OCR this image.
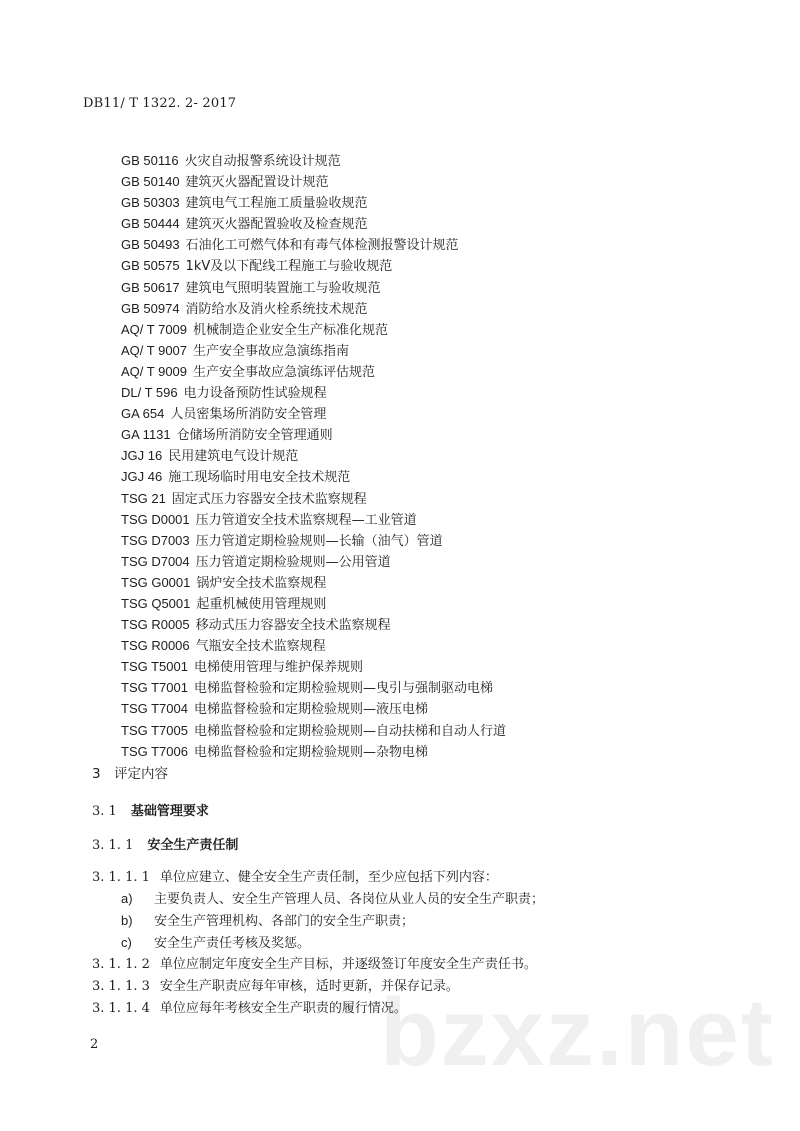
bzxz.net
DB11/ T 1322. 2- 2017
GB 50116 火灾自动报警系统设计规范
GB 50140 建筑灭火器配置设计规范
GB 50303 建筑电气工程施工质量验收规范
GB 50444 建筑灭火器配置验收及检查规范
GB 50493 石油化工可燃气体和有毒气体检测报警设计规范
GB 50575 1kV及以下配线工程施工与验收规范
GB 50617 建筑电气照明装置施工与验收规范
GB 50974 消防给水及消火栓系统技术规范
AQ/ T 7009 机械制造企业安全生产标准化规范
AQ/ T 9007 生产安全事故应急演练指南
AQ/ T 9009 生产安全事故应急演练评估规范
DL/ T 596 电力设备预防性试验规程
GA 654 人员密集场所消防安全管理
GA 1131 仓储场所消防安全管理通则
JGJ 16 民用建筑电气设计规范
JGJ 46 施工现场临时用电安全技术规范
TSG 21 固定式压力容器安全技术监察规程
TSG D0001 压力管道安全技术监察规程—工业管道
TSG D7003 压力管道定期检验规则—长输（油气）管道
TSG D7004 压力管道定期检验规则—公用管道
TSG G0001 锅炉安全技术监察规程
TSG Q5001 起重机械使用管理规则
TSG R0005 移动式压力容器安全技术监察规程
TSG R0006 气瓶安全技术监察规程
TSG T5001 电梯使用管理与维护保养规则
TSG T7001 电梯监督检验和定期检验规则—曳引与强制驱动电梯
TSG T7004 电梯监督检验和定期检验规则—液压电梯
TSG T7005 电梯监督检验和定期检验规则—自动扶梯和自动人行道
TSG T7006 电梯监督检验和定期检验规则—杂物电梯
3 评定内容
3. 1 基础管理要求
3. 1. 1 安全生产责任制
3. 1. 1. 1 单位应建立、健全安全生产责任制，至少应包括下列内容：
a) 主要负责人、安全生产管理人员、各岗位从业人员的安全生产职责；
b) 安全生产管理机构、各部门的安全生产职责；
c) 安全生产责任考核及奖惩。
3. 1. 1. 2 单位应制定年度安全生产目标，并逐级签订年度安全生产责任书。
3. 1. 1. 3 安全生产职责应每年审核，适时更新，并保存记录。
3. 1. 1. 4 单位应每年考核安全生产职责的履行情况。
2
